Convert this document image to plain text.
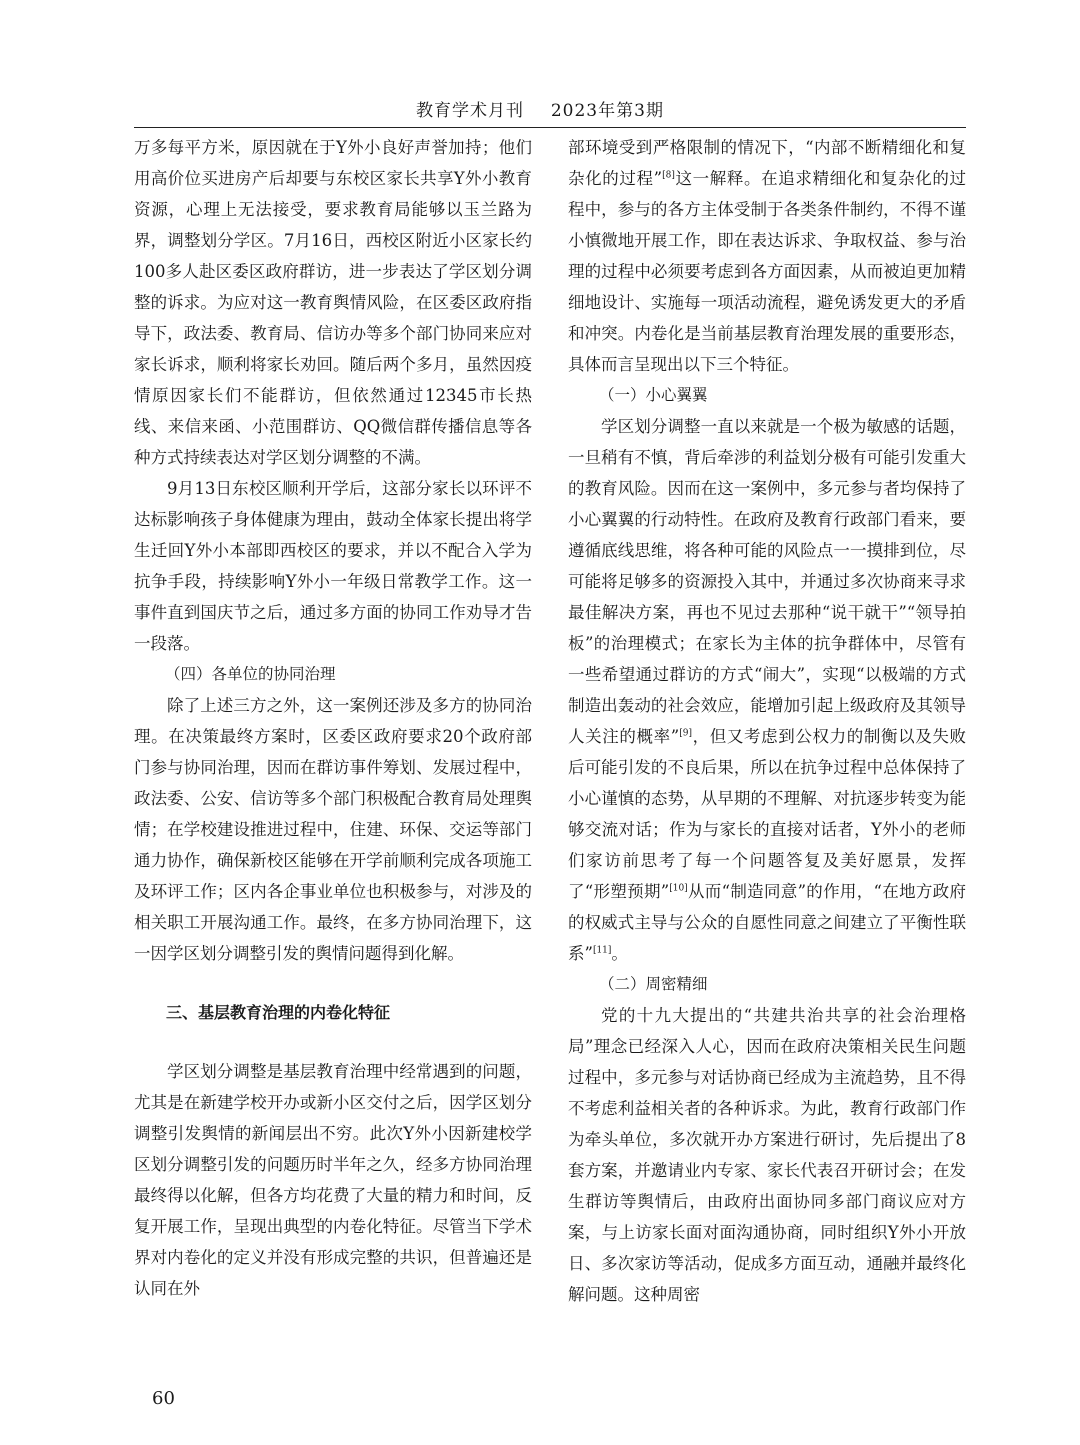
教育学术月刊 2023年第3期

万多每平方米，原因就在于Y外小良好声誉加持；他们用高价位买进房产后却要与东校区家长共享Y外小教育资源，心理上无法接受，要求教育局能够以玉兰路为界，调整划分学区。7月16日，西校区附近小区家长约100多人赴区委区政府群访，进一步表达了学区划分调整的诉求。为应对这一教育舆情风险，在区委区政府指导下，政法委、教育局、信访办等多个部门协同来应对家长诉求，顺利将家长劝回。随后两个多月，虽然因疫情原因家长们不能群访，但依然通过12345市长热线、来信来函、小范围群访、QQ微信群传播信息等各种方式持续表达对学区划分调整的不满。

9月13日东校区顺利开学后，这部分家长以环评不达标影响孩子身体健康为理由，鼓动全体家长提出将学生迁回Y外小本部即西校区的要求，并以不配合入学为抗争手段，持续影响Y外小一年级日常教学工作。这一事件直到国庆节之后，通过多方面的协同工作劝导才告一段落。

（四）各单位的协同治理

除了上述三方之外，这一案例还涉及多方的协同治理。在决策最终方案时，区委区政府要求20个政府部门参与协同治理，因而在群访事件筹划、发展过程中，政法委、公安、信访等多个部门积极配合教育局处理舆情；在学校建设推进过程中，住建、环保、交运等部门通力协作，确保新校区能够在开学前顺利完成各项施工及环评工作；区内各企事业单位也积极参与，对涉及的相关职工开展沟通工作。最终，在多方协同治理下，这一因学区划分调整引发的舆情问题得到化解。

三、基层教育治理的内卷化特征

学区划分调整是基层教育治理中经常遇到的问题，尤其是在新建学校开办或新小区交付之后，因学区划分调整引发舆情的新闻层出不穷。此次Y外小因新建校学区划分调整引发的问题历时半年之久，经多方协同治理最终得以化解，但各方均花费了大量的精力和时间，反复开展工作，呈现出典型的内卷化特征。尽管当下学术界对内卷化的定义并没有形成完整的共识，但普遍还是认同在外

部环境受到严格限制的情况下，“内部不断精细化和复杂化的过程”[8]这一解释。在追求精细化和复杂化的过程中，参与的各方主体受制于各类条件制约，不得不谨小慎微地开展工作，即在表达诉求、争取权益、参与治理的过程中必须要考虑到各方面因素，从而被迫更加精细地设计、实施每一项活动流程，避免诱发更大的矛盾和冲突。内卷化是当前基层教育治理发展的重要形态，具体而言呈现出以下三个特征。

（一）小心翼翼

学区划分调整一直以来就是一个极为敏感的话题，一旦稍有不慎，背后牵涉的利益划分极有可能引发重大的教育风险。因而在这一案例中，多元参与者均保持了小心翼翼的行动特性。在政府及教育行政部门看来，要遵循底线思维，将各种可能的风险点一一摸排到位，尽可能将足够多的资源投入其中，并通过多次协商来寻求最佳解决方案，再也不见过去那种“说干就干”“领导拍板”的治理模式；在家长为主体的抗争群体中，尽管有一些希望通过群访的方式“闹大”，实现“以极端的方式制造出轰动的社会效应，能增加引起上级政府及其领导人关注的概率”[9]，但又考虑到公权力的制衡以及失败后可能引发的不良后果，所以在抗争过程中总体保持了小心谨慎的态势，从早期的不理解、对抗逐步转变为能够交流对话；作为与家长的直接对话者，Y外小的老师们家访前思考了每一个问题答复及美好愿景，发挥了“形塑预期”[10]从而“制造同意”的作用，“在地方政府的权威式主导与公众的自愿性同意之间建立了平衡性联系”[11]。

（二）周密精细

党的十九大提出的“共建共治共享的社会治理格局”理念已经深入人心，因而在政府决策相关民生问题过程中，多元参与对话协商已经成为主流趋势，且不得不考虑利益相关者的各种诉求。为此，教育行政部门作为牵头单位，多次就开办方案进行研讨，先后提出了8套方案，并邀请业内专家、家长代表召开研讨会；在发生群访等舆情后，由政府出面协同多部门商议应对方案，与上访家长面对面沟通协商，同时组织Y外小开放日、多次家访等活动，促成多方面互动，通融并最终化解问题。这种周密

60
